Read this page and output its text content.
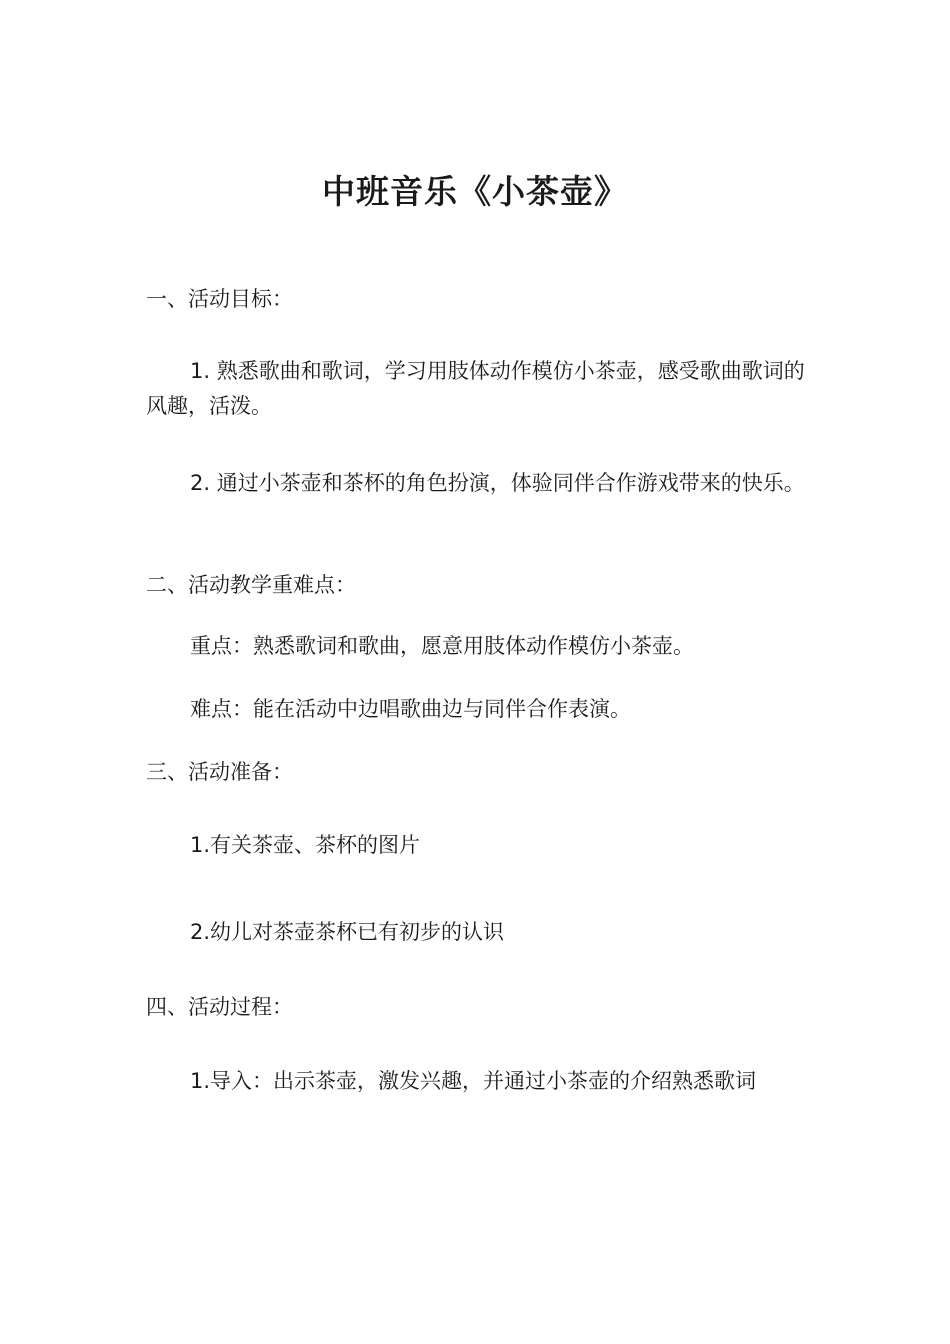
中班音乐《小茶壶》

一、活动目标：

1. 熟悉歌曲和歌词，学习用肢体动作模仿小茶壶，感受歌曲歌词的风趣，活泼。

2. 通过小茶壶和茶杯的角色扮演，体验同伴合作游戏带来的快乐。

二、活动教学重难点：

重点：熟悉歌词和歌曲，愿意用肢体动作模仿小茶壶。

难点：能在活动中边唱歌曲边与同伴合作表演。

三、活动准备：

1.有关茶壶、茶杯的图片

2.幼儿对茶壶茶杯已有初步的认识

四、活动过程：

1.导入：出示茶壶，激发兴趣，并通过小茶壶的介绍熟悉歌词
